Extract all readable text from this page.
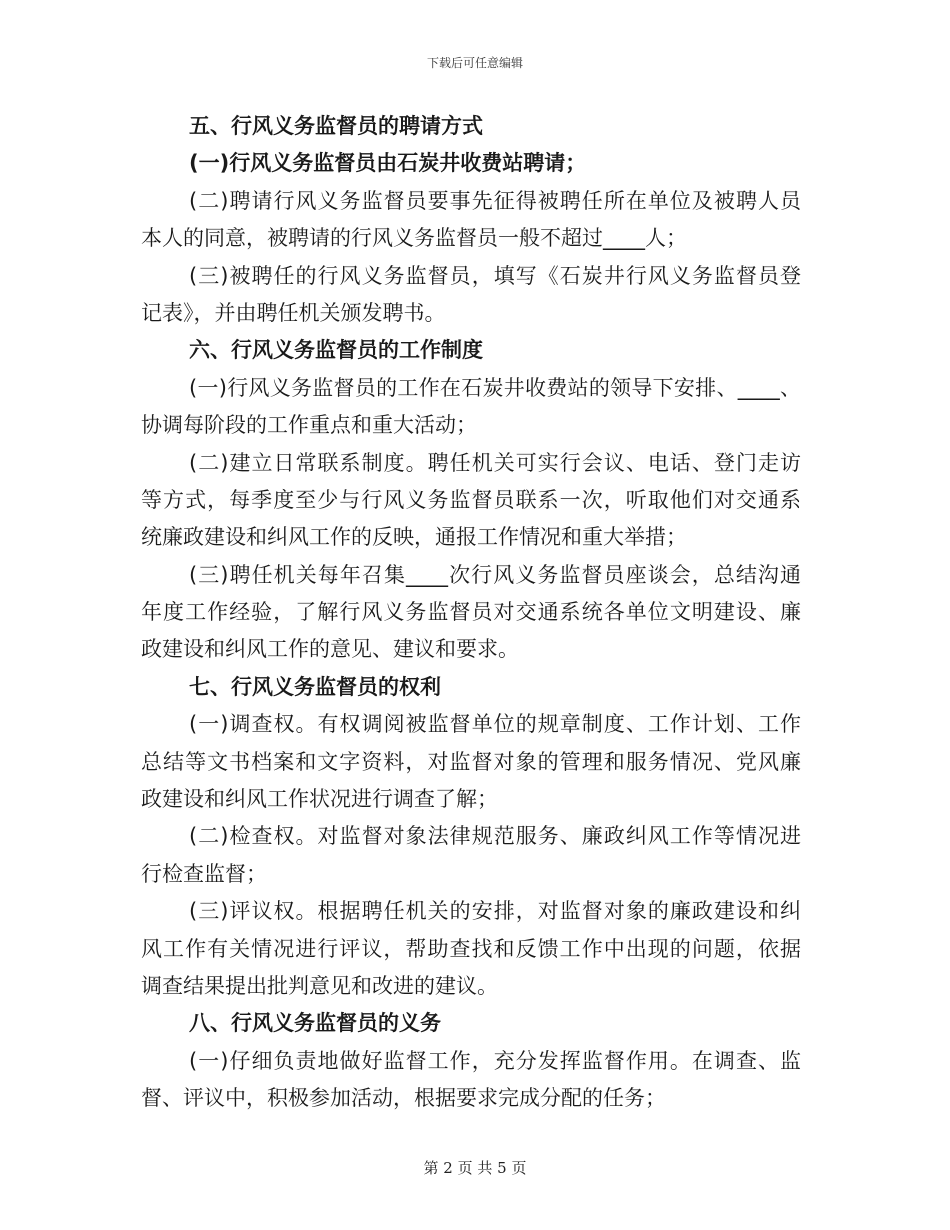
下载后可任意编辑
五、行风义务监督员的聘请方式
(一)行风义务监督员由石炭井收费站聘请；
(二)聘请行风义务监督员要事先征得被聘任所在单位及被聘人员
本人的同意，被聘请的行风义务监督员一般不超过____人；
(三)被聘任的行风义务监督员，填写《石炭井行风义务监督员登
记表》，并由聘任机关颁发聘书。
六、行风义务监督员的工作制度
(一)行风义务监督员的工作在石炭井收费站的领导下安排、____、
协调每阶段的工作重点和重大活动；
(二)建立日常联系制度。聘任机关可实行会议、电话、登门走访
等方式，每季度至少与行风义务监督员联系一次，听取他们对交通系
统廉政建设和纠风工作的反映，通报工作情况和重大举措；
(三)聘任机关每年召集____次行风义务监督员座谈会，总结沟通
年度工作经验，了解行风义务监督员对交通系统各单位文明建设、廉
政建设和纠风工作的意见、建议和要求。
七、行风义务监督员的权利
(一)调查权。有权调阅被监督单位的规章制度、工作计划、工作
总结等文书档案和文字资料，对监督对象的管理和服务情况、党风廉
政建设和纠风工作状况进行调查了解；
(二)检查权。对监督对象法律规范服务、廉政纠风工作等情况进
行检查监督；
(三)评议权。根据聘任机关的安排，对监督对象的廉政建设和纠
风工作有关情况进行评议，帮助查找和反馈工作中出现的问题，依据
调查结果提出批判意见和改进的建议。
八、行风义务监督员的义务
(一)仔细负责地做好监督工作，充分发挥监督作用。在调查、监
督、评议中，积极参加活动，根据要求完成分配的任务；
第 2 页 共 5 页
